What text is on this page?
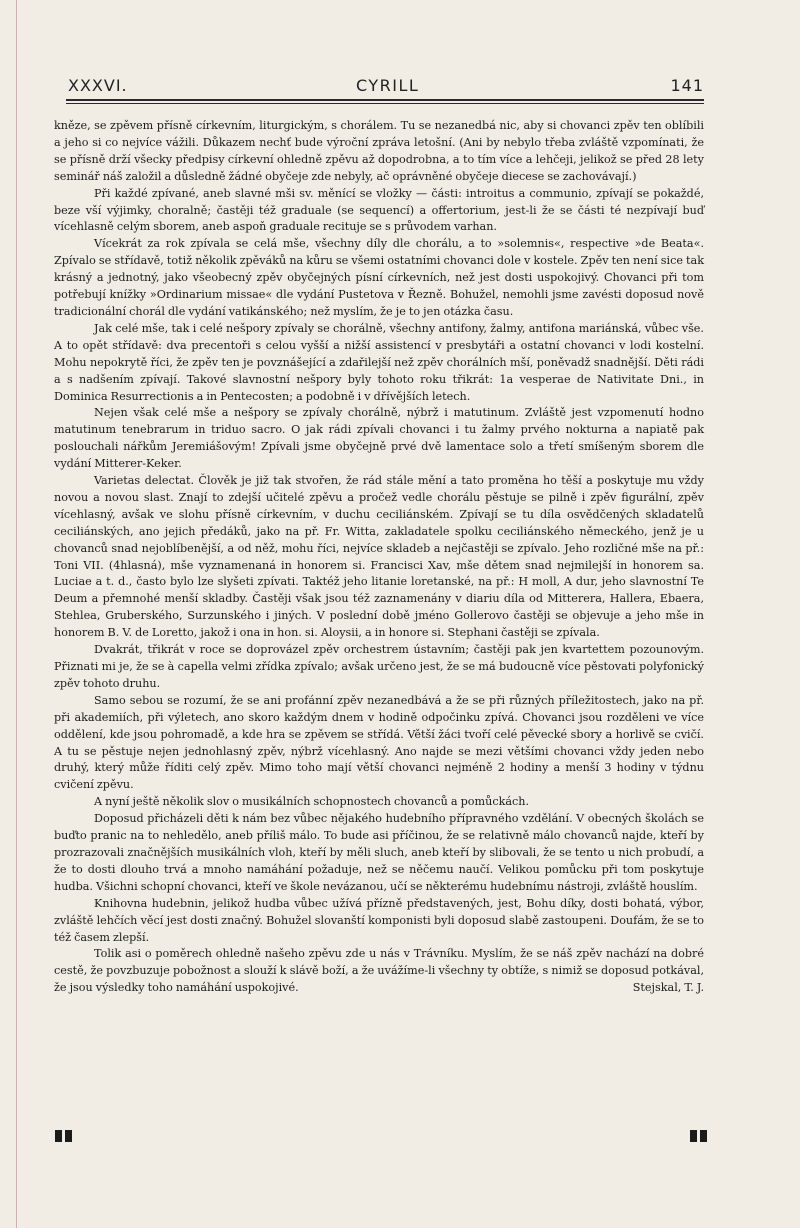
XXXVI.	CYRILL	141

kněze, se zpěvem přísně církevním, liturgickým, s chorálem. Tu se nezanedbá nic, aby si chovanci zpěv ten oblíbili a jeho si co nejvíce vážili. Důkazem nechť bude výroční zpráva letošní. (Ani by nebylo třeba zvláště vzpomínati, že se přísně drží všecky předpisy církevní ohledně zpěvu až dopodrobna, a to tím více a lehčeji, jelikož se před 28 lety seminář náš založil a důsledně žádné obyčeje zde nebyly, ač oprávněné obyčeje diecese se zachovávají.)

Při každé zpívané, aneb slavné mši sv. měnící se vložky — části: introitus a communio, zpívají se pokaždé, beze vší výjimky, choralně; častěji též graduale (se sequencí) a offertorium, jest-li že se části té nezpívají buď vícehlasně celým sborem, aneb aspoň graduale recituje se s průvodem varhan.

Vícekrát za rok zpívala se celá mše, všechny díly dle chorálu, a to »solemnis«, respective »de Beata«. Zpívalo se střídavě, totiž několik zpěváků na kůru se všemi ostatními chovanci dole v kostele. Zpěv ten není sice tak krásný a jednotný, jako všeobecný zpěv obyčejných písní církevních, než jest dosti uspokojivý. Chovanci při tom potřebují knížky »Ordinarium missae« dle vydání Pustetova v Řezně. Bohužel, nemohli jsme zavésti doposud nově tradicionální chorál dle vydání vatikánského; než myslím, že je to jen otázka času.

Jak celé mše, tak i celé nešpory zpívaly se chorálně, všechny antifony, žalmy, antifona mariánská, vůbec vše. A to opět střídavě: dva precentoři s celou vyšší a nižší assistencí v presbytáři a ostatní chovanci v lodi kostelní. Mohu nepokrytě říci, že zpěv ten je povznášející a zdařilejší než zpěv chorálních mší, poněvadž snadnější. Děti rádi a s nadšením zpívají. Takové slavnostní nešpory byly tohoto roku třikrát: 1a vesperae de Nativitate Dni., in Dominica Resurrectionis a in Pentecosten; a podobně i v dřívějších letech.

Nejen však celé mše a nešpory se zpívaly chorálně, nýbrž i matutinum. Zvláště jest vzpomenutí hodno matutinum tenebrarum in triduo sacro. O jak rádi zpívali chovanci i tu žalmy prvého nokturna a napiatě pak poslouchali nářkům Jeremiášovým! Zpívali jsme obyčejně prvé dvě lamentace solo a třetí smíšeným sborem dle vydání Mitterer-Keker.

Varietas delectat. Člověk je již tak stvořen, že rád stále mění a tato proměna ho těší a poskytuje mu vždy novou a novou slast. Znají to zdejší učitelé zpěvu a pročež vedle chorálu pěstuje se pilně i zpěv figurální, zpěv vícehlasný, avšak ve slohu přísně církevním, v duchu ceciliánském. Zpívají se tu díla osvědčených skladatelů ceciliánských, ano jejich předáků, jako na př. Fr. Witta, zakladatele spolku ceciliánského německého, jenž je u chovanců snad nejoblíbenější, a od něž, mohu říci, nejvíce skladeb a nejčastěji se zpívalo. Jeho rozličné mše na př.: Toni VII. (4hlasná), mše vyznamenaná in honorem si. Francisci Xav, mše dětem snad nejmilejší in honorem sa. Luciae a t. d., často bylo lze slyšeti zpívati. Taktéž jeho litanie loretanské, na př.: H moll, A dur, jeho slavnostní Te Deum a přemnohé menší skladby. Častěji však jsou též zaznamenány v diariu díla od Mitterera, Hallera, Ebaera, Stehlea, Gruberského, Surzunského i jiných. V poslední době jméno Gollerovo častěji se objevuje a jeho mše in honorem B. V. de Loretto, jakož i ona in hon. si. Aloysii, a in honore si. Stephani častěji se zpívala.

Dvakrát, třikrát v roce se doprovázel zpěv orchestrem ústavním; častěji pak jen kvartettem pozounovým. Přiznati mi je, že se à capella velmi zřídka zpívalo; avšak určeno jest, že se má budoucně více pěstovati polyfonický zpěv tohoto druhu.

Samo sebou se rozumí, že se ani profánní zpěv nezanedbává a že se při různých příležitostech, jako na př. při akademiích, při výletech, ano skoro každým dnem v hodině odpočinku zpívá. Chovanci jsou rozděleni ve více oddělení, kde jsou pohromadě, a kde hra se zpěvem se střídá. Větší žáci tvoří celé pěvecké sbory a horlivě se cvičí. A tu se pěstuje nejen jednohlasný zpěv, nýbrž vícehlasný. Ano najde se mezi většími chovanci vždy jeden nebo druhý, který může říditi celý zpěv. Mimo toho mají větší chovanci nejméně 2 hodiny a menší 3 hodiny v týdnu cvičení zpěvu.

A nyní ještě několik slov o musikálních schopnostech chovanců a pomůckách.

Doposud přicházeli děti k nám bez vůbec nějakého hudebního přípravného vzdělání. V obecných školách se buďto pranic na to nehledělo, aneb příliš málo. To bude asi příčinou, že se relativně málo chovanců najde, kteří by prozrazovali značnějších musikálních vloh, kteří by měli sluch, aneb kteří by slibovali, že se tento u nich probudí, a že to dosti dlouho trvá a mnoho namáhání požaduje, než se něčemu naučí. Velikou pomůcku při tom poskytuje hudba. Všichni schopní chovanci, kteří ve škole nevázanou, učí se některému hudebnímu nástroji, zvláště houslím.

Knihovna hudebnin, jelikož hudba vůbec užívá přízně představených, jest, Bohu díky, dosti bohatá, výbor, zvláště lehčích věcí jest dosti značný. Bohužel slovanští komponisti byli doposud slabě zastoupeni. Doufám, že se to též časem zlepší.

Tolik asi o poměrech ohledně našeho zpěvu zde u nás v Trávníku. Myslím, že se náš zpěv nachází na dobré cestě, že povzbuzuje pobožnost a slouží k slávě boží, a že uvážíme-li všechny ty obtíže, s nimiž se doposud potkával, že jsou výsledky toho namáhání uspokojivé.	Stejskal, T. J.
